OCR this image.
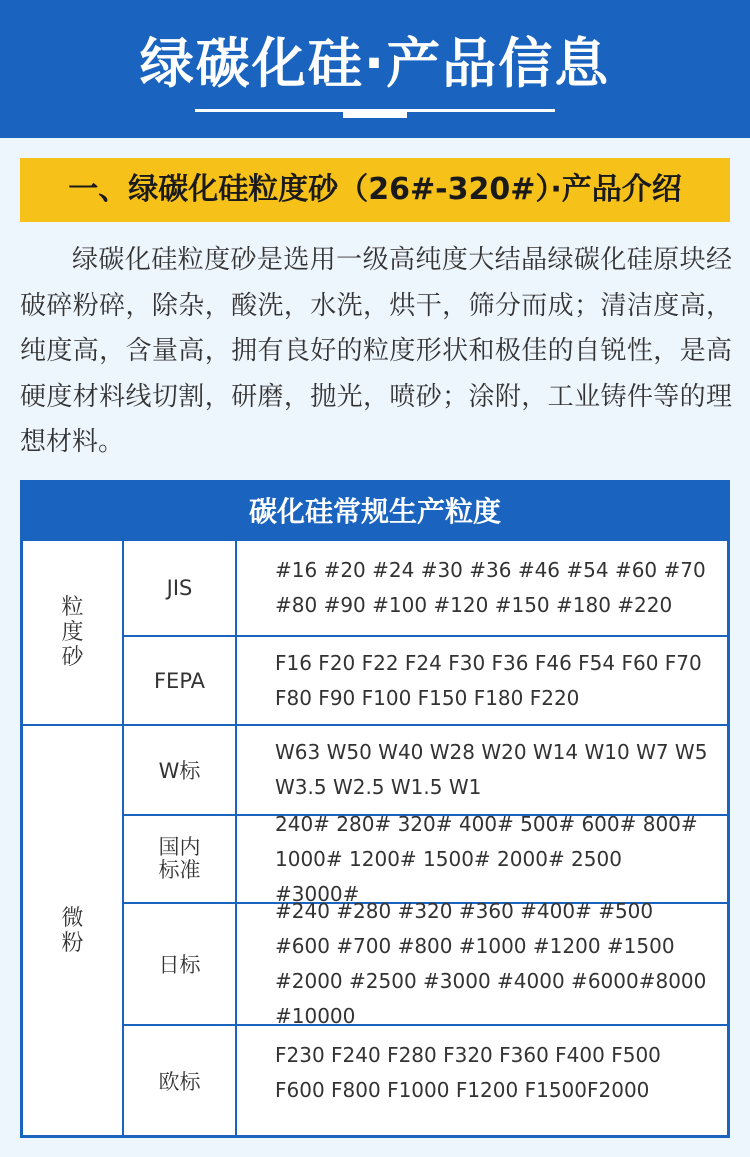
绿碳化硅·产品信息
一、绿碳化硅粒度砂（26#-320#）·产品介绍

绿碳化硅粒度砂是选用一级高纯度大结晶绿碳化硅原块经破碎粉碎，除杂，酸洗，水洗，烘干，筛分而成；清洁度高，纯度高，含量高，拥有良好的粒度形状和极佳的自锐性，是高硬度材料线切割，研磨，抛光，喷砂；涂附，工业铸件等的理想材料。

碳化硅常规生产粒度
粒度砂
JIS
#16 #20 #24 #30 #36 #46 #54 #60 #70 #80 #90 #100 #120 #150 #180 #220
FEPA
F16 F20 F22 F24 F30 F36 F46 F54 F60 F70 F80 F90 F100 F150 F180 F220
微粉
W标
W63 W50 W40 W28 W20 W14 W10 W7 W5 W3.5 W2.5 W1.5 W1
国内标准
240# 280# 320# 400# 500# 600# 800# 1000# 1200# 1500# 2000# 2500 #3000#
日标
#240 #280 #320 #360 #400# #500 #600 #700 #800 #1000 #1200 #1500 #2000 #2500 #3000 #4000 #6000#8000 #10000
欧标
F230 F240 F280 F320 F360 F400 F500 F600 F800 F1000 F1200 F1500F2000
